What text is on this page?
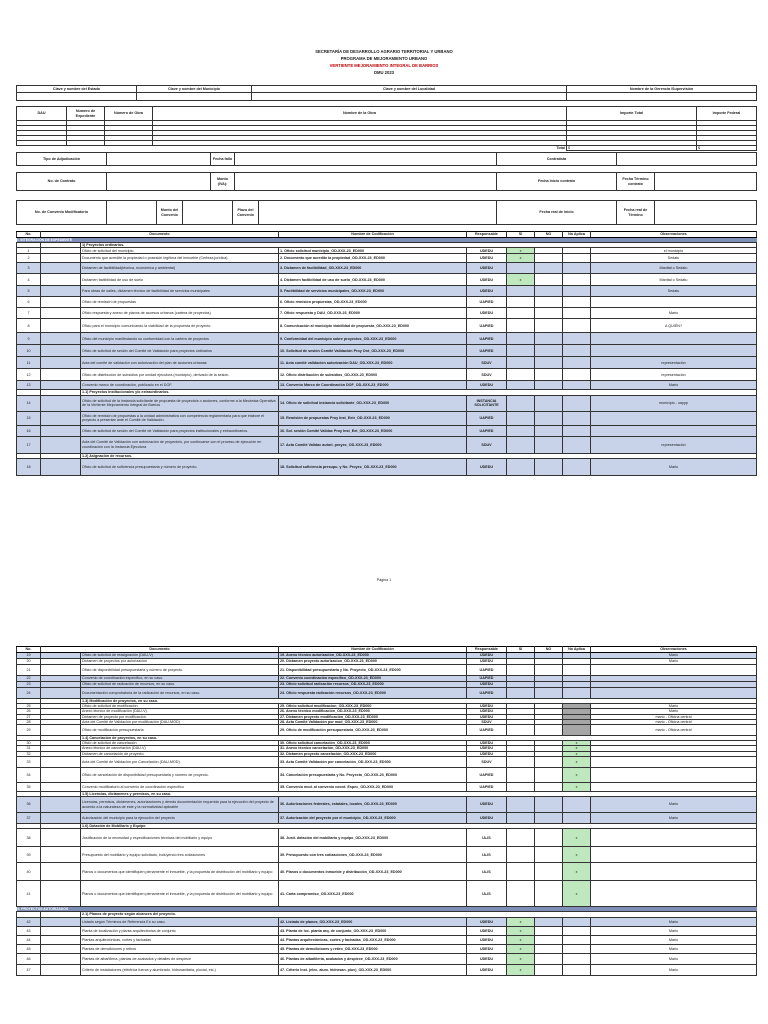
SECRETARÍA DE DESARROLLO AGRARIO TERRITORIAL Y URBANO
PROGRAMA DE MEJORAMIENTO URBANO
VERTIENTE MEJORAMIENTO INTEGRAL DE BARRIOS
DMU 2023
Clave y nombre del Estado	Clave y nombre del Municipio	Clave y nombre del Localidad	Nombre de la Gerencia /Supervisión

DAU	Número de Expediente	Número de Obra	Nombre de la Obra	Importe Total	Importe Federal

			Total	$	$
Tipo de Adjudicación		Fecha fallo		Contratista		

No. de Contrato		Monto (IVA):		Fecha Inicio contrato	Fecha Término contrato	
No. de Convenio Modificatorio		Monto del Convenio		Plazo del Convenio		Fecha real de inicio	Fecha real de Término	
No.	Documento		Nombre de Codificación	Responsable	SI	NO	No Aplica	Observaciones
I. INTEGRACIÓN DE EXPEDIENTE								
		1) Proyectos ordinarios.						
1		Oficio de solicitud del municipio.	1. Oficio solicitud municipio_OD-XXX-23_ED000	UDEDU	x			el municipio
2		Documento que acredite la propiedad o posesión legítima del inmueble (Certeza jurídica)	2. Documento que acredite la propiedad_OD-XXX-23_ED000	UDEDU	x			Sedatu
3		Dictamen de factibilidad(técnica, económica y ambiental)	3. Dictamen de factibilidad_OD-XXX-23_ED000	UDEDU				Manttal o Sedatu
4		Dictamen factibilidad de uso de suelo	4. Dictamen factibilidad de uso de suelo_OD-XXX-23_ED000	UDEDU	x			Manttal o Sedatu
5		Para obras de calles, dictamen técnico de factibilidad de servicios municipales	5. Factibilidad de servicios municipales_OD-XXX-23_ED000	UDEDU				Sedatu
6		Oficio de remisión de propuestas	6. Oficio remisión propuestas_OD-XXX-23_ED000	UAPIED				
7		Oficio respuesta y anexo de planos de accesos urbanos (cartera de proyectos)	7. Oficio respuesta y DAU_OD-XXX-23_ED000	UDEDU				Mario
8		Oficio para el municipio comunicando la viabilidad de la propuesta de proyecto.	8. Comunicación al municipio viabilidad de propuesta_OD-XXX-23_ED000	UAPIED				A QUIÉN?
9		Oficio del municipio manifestando su conformidad con la cartera de proyectos	9. Conformidad del municipio sobre proyectos_OD-XXX-23_ED000	UAPIED				
10		Oficio de solicitud de sesión del Comité de Validación para proyectos ordinarios	10. Solicitud de sesión Comité Validación Proy Ord_OD-XXX-23_ED000	UAPIED				
11		Acta del comité de validación con autorización del plan de acciones urbanas	11. Acta comité validación autorización DAU_OD-XXX-23_ED000	SDUV				representación
12		Oficio de distribución de subsidios por unidad ejecutora (municipio), derivado de la sesión.	12. Oficio distribución de subsidios_OD-XXX-23_ED000	SDUV				representación
13		Convenio marco de coordinación, publicado en el DOF.	13. Convenio Marco de Coordinación DOF_OD-XXX-23_ED000	UDEDU				Mario
		1.1) Proyectos institucionales y/o extraordinarios.						
14		Oficio de solicitud de la instancia solicitante de propuesta de proyecto/s o acciones, conforme a la Mecánica Operativa de la Vertiente Mejoramiento Integral de Barrios	14. Oficio de solicitud instancia solicitante_OD-XXX-23_ED000	INSTANCIA SOLICITANTE				municipio - uaypp
15		Oficio de remisión de propuestas a la unidad administrativa con competencia reglamentaria para que elabore el proyecto a presentar ante el Comité de Validación.	15. Remisión de propuestas Proy Inst_Extr_OD-XXX-23_ED000	UAPIED				
16		Oficio de solicitud de sesión del Comité de Validación para proyectos institucionales y extraordinarios.	16. Sol. sesión Comité Validac Proy Inst_Ext_OD-XXX-23_ED000	UAPIED				
17		Acta del Comité de Validación con autorización de proyecto/s, por continuarse con el proceso de ejecución en coordinación con la Instancia Ejecutora	17. Acta Comité Validac autori. proyec_OD-XXX-23_ED000	SDUV				representación
		1.2) Asignación de recursos.						
18		Oficio de solicitud de suficiencia presupuestaria y número de proyecto.	18. Solicitud suficiencia presupu. y No. Proyec_OD-XXX-23_ED000	UDEDU				Mario
Página 1
No.	Documento		Nombre de Codificación	Responsable	SI	NO	No Aplica	Observaciones
19		Oficio de solicitud de reasignación (DAU-V)	19. Anexo técnico autorización_OD-XXX-23_ED000	UDEDU				Mario
20		Dictamen de proyectos por autorización	20. Dictamen proyecto autorizacion_OD-XXX-23_ED000	UDEDU				Mario
21		Oficio de disponibilidad presupuestaria y número de proyecto.	21. Disponibilidad presupuestaria y No. Proyecto_OD-XXX-23_ED000	UAPIED				
22		Convenio de coordinación específico, en su caso.	22. Convenio coordinación específico_OD-XXX-23_ED000	UAPIED				
23		Oficio de solicitud de radicación de recursos, en su caso.	23. Oficio solicitud radicación recursos_OD-XXX-23_ED000	UDEDU				
24		Documentación comprobatoria de la radicación de recursos, en su caso.	24. Oficio respuesta radicación recursos_OD-XXX-23_ED000	UAPIED				
		1.3) Modificación de proyectos, en su caso.						
25		Oficio de solicitud de modificación.	25. Oficio solicitud modificacion_OD-XXX-23_ED000	UDEDU				Mario
26		Anexo técnico de modificación (DAU-V).	26. Anexo técnico modificación_OD-XXX-23_ED000	UDEDU				Mario
27		Dictamen de proyecto por modificación.	27. Dictamen proyecto modificación_OD-XXX-23_ED000	UDEDU				mario - Oficina central
28		Acta del Comité de Validación por modificación (DAU-MOD)	28. Acta Comité Validación por mod_OD-XXX-23_ED000	SDUV				mario - Oficina central
29		Oficio de modificación presupuestaria	29. Oficio de modificación presupuestaria_OD-XXX-23_ED000	UAPIED				mario - Oficina central
		1.4) Cancelación de proyectos, en su caso.						
30		Oficio de solicitud de cancelación	30. Oficio solicitud cancelación_OD-XXX-23_ED000	UDEDU			x	
31		Anexo técnico de cancelación (DAU-V)	31. Anexo técnico cancelación_OD-XXX-23_ED000	UDEDU			x	
32		Dictamen de cancelación de proyecto.	32. Dictamen proyecto cancelación_OD-XXX-23_ED000	UDEDU			x	
33		Acta del Comité de Validación por Cancelación (DAU-MOD).	33. Acta Comité Validación por cancelación_OD-XXX-23_ED000	SDUV			x	
34		Oficio de cancelación de disponibilidad presupuestaria y número de proyecto.	34. Cancelación presupuestaria y No. Proyecto_OD-XXX-23_ED000	UAPIED			x	
35		Convenio modificatorio al convenio de coordinación específico	35. Convenio mod. al convenio coord. Espec_OD-XXX-23_ED000	UAPIED			x	
		1.5) Licencias, dictámenes y permisos, en su caso.						
36		Licencias, permisos, dictámenes, autorizaciones y demás documentación requerida para la ejecución del proyecto de acuerdo a la naturaleza de este y la normatividad aplicable	36. Autorizaciones federales, estatales, locales_OD-XXX-23_ED000	UDEDU				Mario
37		Autorización del municipio para la ejecución del proyecto	37. Autorización del proyecto por el municipio_OD-XXX-23_ED000	UDEDU				Mario
		1.6) Dotación de Mobiliario y Equipo						
38		Justificación de la necesidad y especificaciones técnicas del mobiliario y equipo	38. Justi. dotación del mobiliario y equipo_OD-XXX-23_ED000	IA-IS			x	
39		Presupuesto del mobiliario y equipo solicitado, incluyendo tres cotizaciones	39. Presupuesto con tres cotizaciones_OD-XXX-23_ED000	IA-IS			x	
40		Planos o documentos que identifiquen plenamente el inmueble, y la propuesta de distribución del mobiliario y equipo	40. Planos o documentos inmueble y distribución_OD-XXX-23_ED000	IA-IS			x	
41		Planos o documentos que identifiquen plenamente el inmueble, y la propuesta de distribución del mobiliario y equipo	41. Carta compromiso_OD-XXX-23_ED000	IA-IS			x	
II. PROYECTOS AUTORIZADOS								
		2.1) Planos de proyecto según alcances del proyecto.						
42		Listado según Términos de Referencia En su caso.	42. Listado de planos_OD-XXX-23_ED000	UDEDU	x			Mario
43		Planta de localización y planta arquitectónica de conjunto	43. Planta de loc. planta arq. de conjunto_OD-XXX-23_ED000	UDEDU	x			Mario
44		Plantas arquitectónicas, cortes y fachadas	44. Plantas arquitectónicas, cortes y fachadas_OD-XXX-23_ED000	UDEDU	x			Mario
45		Plantas de demoliciones y retiros	45. Plantas de demoliciones y retiro_OD-XXX-23_ED000	UDEDU	x			Mario
46		Plantas de albañilería, plantas de acabados y detalles de despiece	46. Plantas de albañilería, acabados y despiece_OD-XXX-23_ED000	UDEDU	x			Mario
47		Criterio de instalaciones (eléctrica fuerza y alumbrado, hidrosanitaria, pluvial, etc.)	47. Criterio Inst. (elec. alum. hidrosan. pluv)_OD-XXX-23_ED000	UDEDU	x			Mario
